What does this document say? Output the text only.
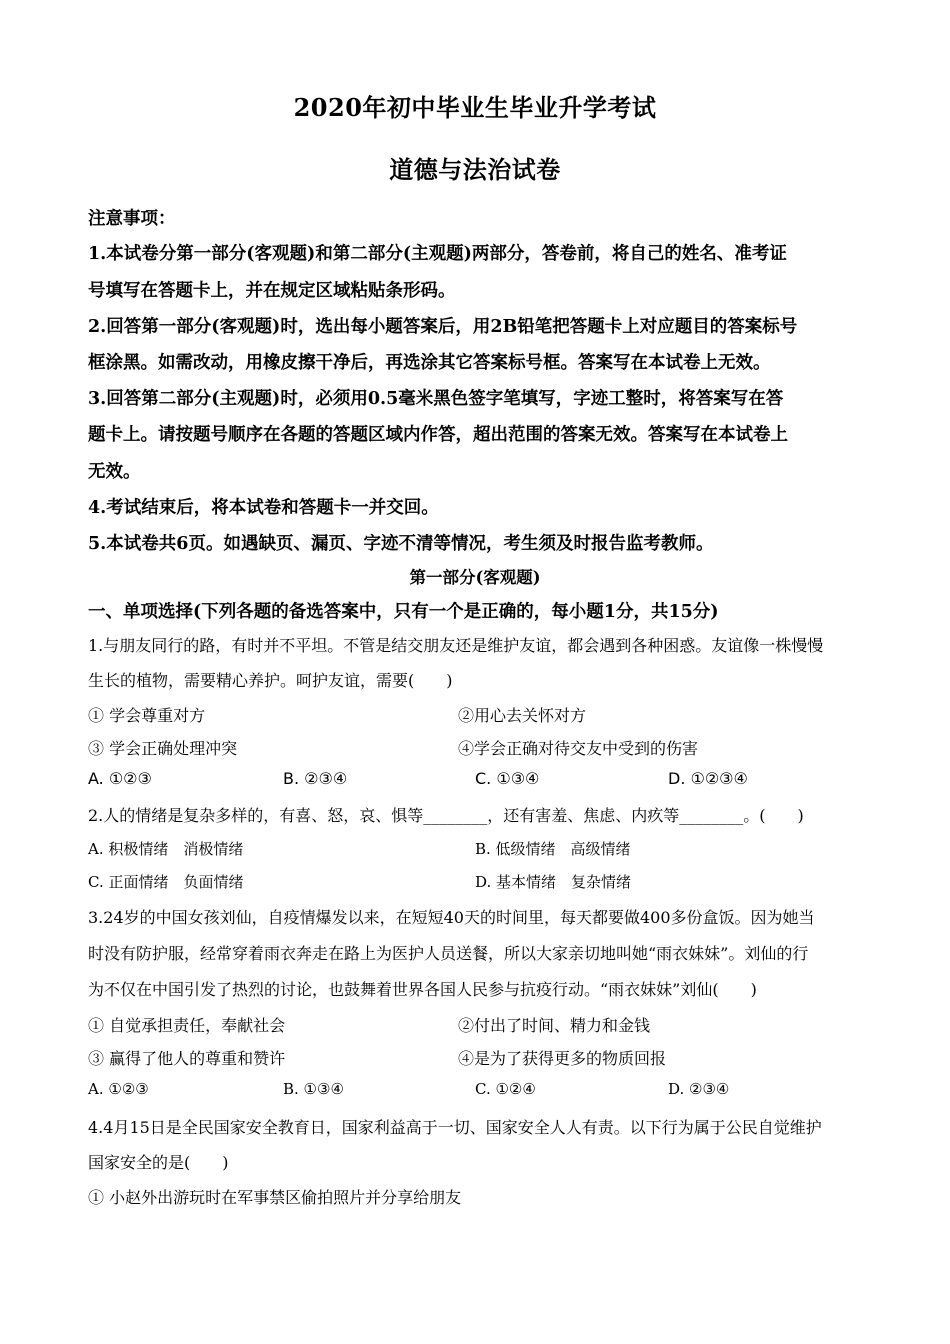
2020年初中毕业生毕业升学考试
道德与法治试卷
注意事项：
1.本试卷分第一部分(客观题)和第二部分(主观题)两部分，答卷前，将自己的姓名、准考证
号填写在答题卡上，并在规定区域粘贴条形码。
2.回答第一部分(客观题)时，选出每小题答案后，用2B铅笔把答题卡上对应题目的答案标号
框涂黑。如需改动，用橡皮擦干净后，再选涂其它答案标号框。答案写在本试卷上无效。
3.回答第二部分(主观题)时，必须用0.5毫米黑色签字笔填写，字迹工整时，将答案写在答
题卡上。请按题号顺序在各题的答题区域内作答，超出范围的答案无效。答案写在本试卷上
无效。
4.考试结束后，将本试卷和答题卡一并交回。
5.本试卷共6页。如遇缺页、漏页、字迹不清等情况，考生须及时报告监考教师。
第一部分(客观题)
一、单项选择(下列各题的备选答案中，只有一个是正确的，每小题1分，共15分)
1.与朋友同行的路，有时并不平坦。不管是结交朋友还是维护友谊，都会遇到各种困惑。友谊像一株慢慢
生长的植物，需要精心养护。呵护友谊，需要(　　)
① 学会尊重对方	②用心去关怀对方
③ 学会正确处理冲突	④学会正确对待交友中受到的伤害
A. ①②③	B. ②③④	C. ①③④	D. ①②③④
2.人的情绪是复杂多样的，有喜、怒，哀、惧等________，还有害羞、焦虑、内疚等________。(　　)
A. 积极情绪　消极情绪	B. 低级情绪　高级情绪
C. 正面情绪　负面情绪	D. 基本情绪　复杂情绪
3.24岁的中国女孩刘仙，自疫情爆发以来，在短短40天的时间里，每天都要做400多份盒饭。因为她当
时没有防护服，经常穿着雨衣奔走在路上为医护人员送餐，所以大家亲切地叫她“雨衣妹妹”。刘仙的行
为不仅在中国引发了热烈的讨论，也鼓舞着世界各国人民参与抗疫行动。“雨衣妹妹”刘仙(　　)
① 自觉承担责任，奉献社会	②付出了时间、精力和金钱
③ 赢得了他人的尊重和赞许	④是为了获得更多的物质回报
A. ①②③	B. ①③④	C. ①②④	D. ②③④
4.4月15日是全民国家安全教育日，国家利益高于一切、国家安全人人有责。以下行为属于公民自觉维护
国家安全的是(　　)
① 小赵外出游玩时在军事禁区偷拍照片并分享给朋友
